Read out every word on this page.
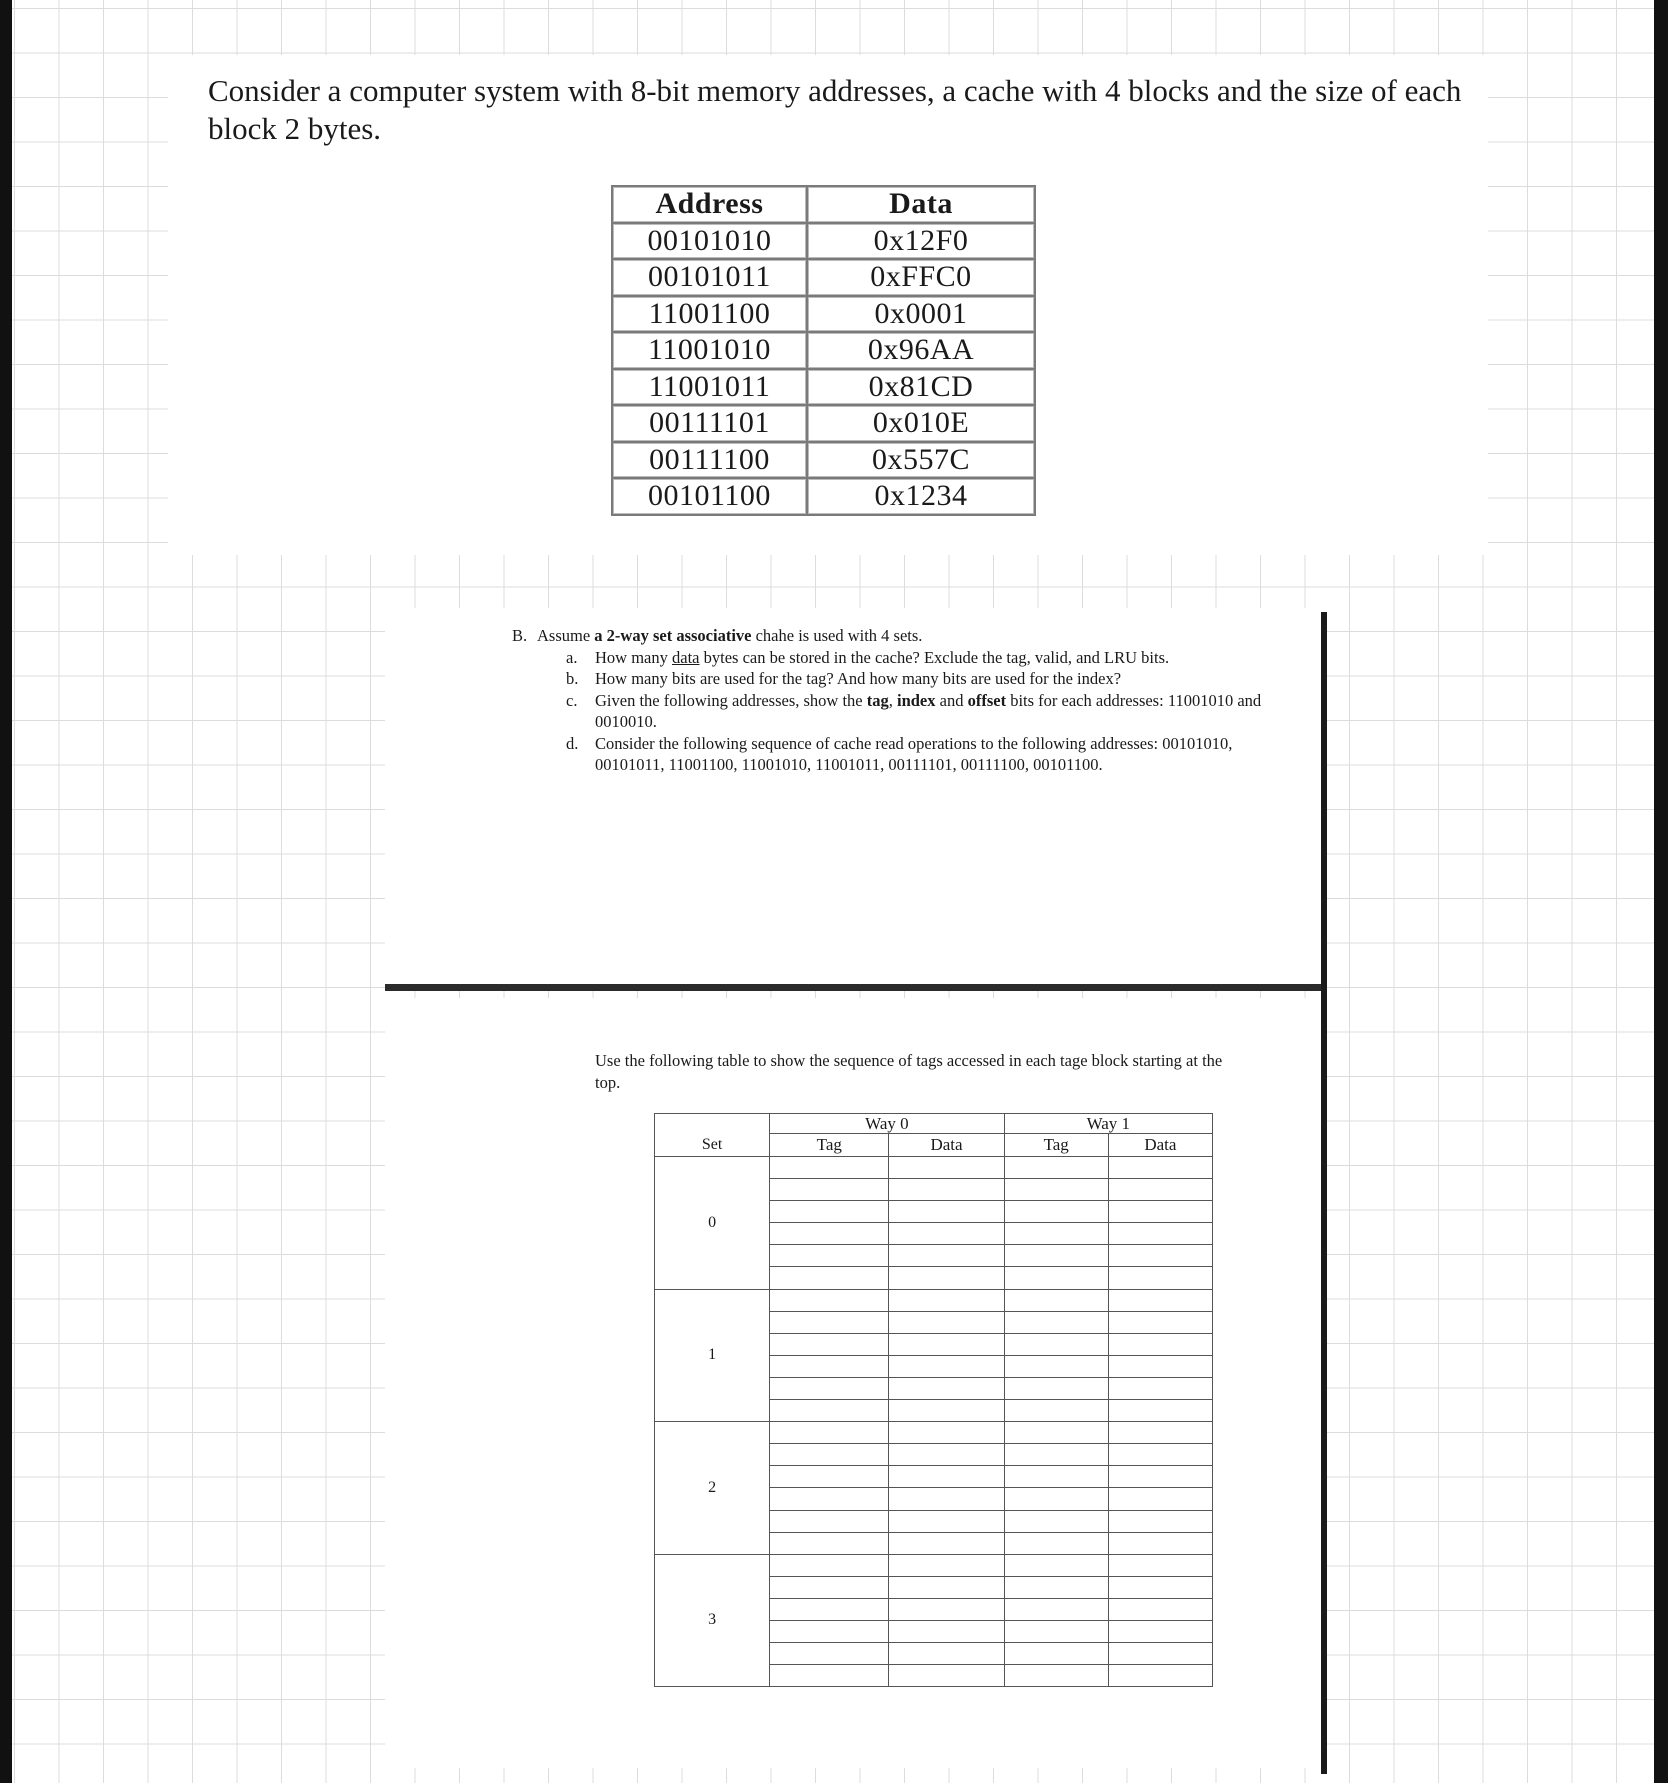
Consider a computer system with 8-bit memory addresses, a cache with 4 blocks and the size of each block 2 bytes.

Address	Data
00101010	0x12F0
00101011	0xFFC0
11001100	0x0001
11001010	0x96AA
11001011	0x81CD
00111101	0x010E
00111100	0x557C
00101100	0x1234
B. Assume a 2-way set associative chahe is used with 4 sets.
a. How many data bytes can be stored in the cache? Exclude the tag, valid, and LRU bits.
b. How many bits are used for the tag? And how many bits are used for the index?
c. Given the following addresses, show the tag, index and offset bits for each addresses: 11001010 and 0010010.
d. Consider the following sequence of cache read operations to the following addresses: 00101010, 00101011, 11001100, 11001010, 11001011, 00111101, 00111100, 00101100.
Use the following table to show the sequence of tags accessed in each tage block starting at the top.
	Way 0		Way 1	
Set	Tag	Data	Tag	Data
0				

1				

2				

3				
